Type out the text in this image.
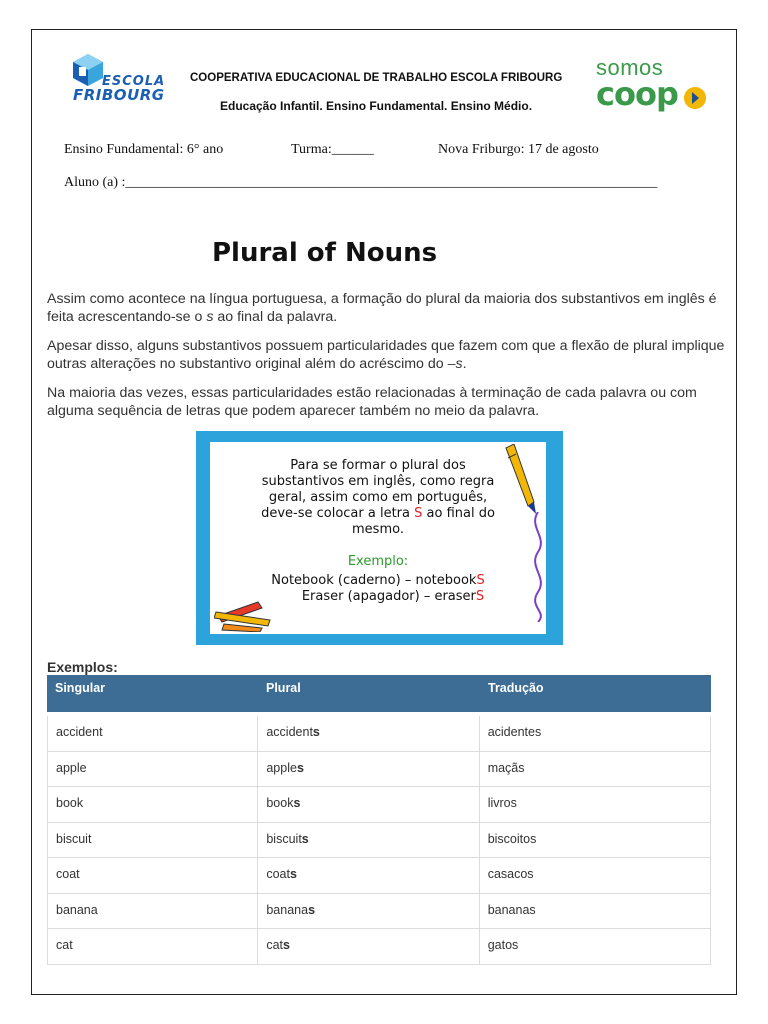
ESCOLA
FRIBOURG
COOPERATIVA EDUCACIONAL DE TRABALHO ESCOLA FRIBOURG
Educação Infantil. Ensino Fundamental. Ensino Médio.
somos
coop
Ensino Fundamental: 6° ano	Turma:______	Nova Friburgo: 17 de agosto
Aluno (a) :____________________________________________________________________________
Plural of Nouns

Assim como acontece na língua portuguesa, a formação do plural da maioria dos substantivos em inglês é feita acrescentando-se o s ao final da palavra.

Apesar disso, alguns substantivos possuem particularidades que fazem com que a flexão de plural implique outras alterações no substantivo original além do acréscimo do –s.

Na maioria das vezes, essas particularidades estão relacionadas à terminação de cada palavra ou com alguma sequência de letras que podem aparecer também no meio da palavra.

Para se formar o plural dos
substantivos em inglês, como regra
geral, assim como em português,
deve-se colocar a letra S ao final do
mesmo.
Exemplo:
Notebook (caderno) – notebookS
Eraser (apagador) – eraserS
Exemplos:
Singular	Plural	Tradução
accident	accidents	acidentes
apple	apples	maçãs
book	books	livros
biscuit	biscuits	biscoitos
coat	coats	casacos
banana	bananas	bananas
cat	cats	gatos
